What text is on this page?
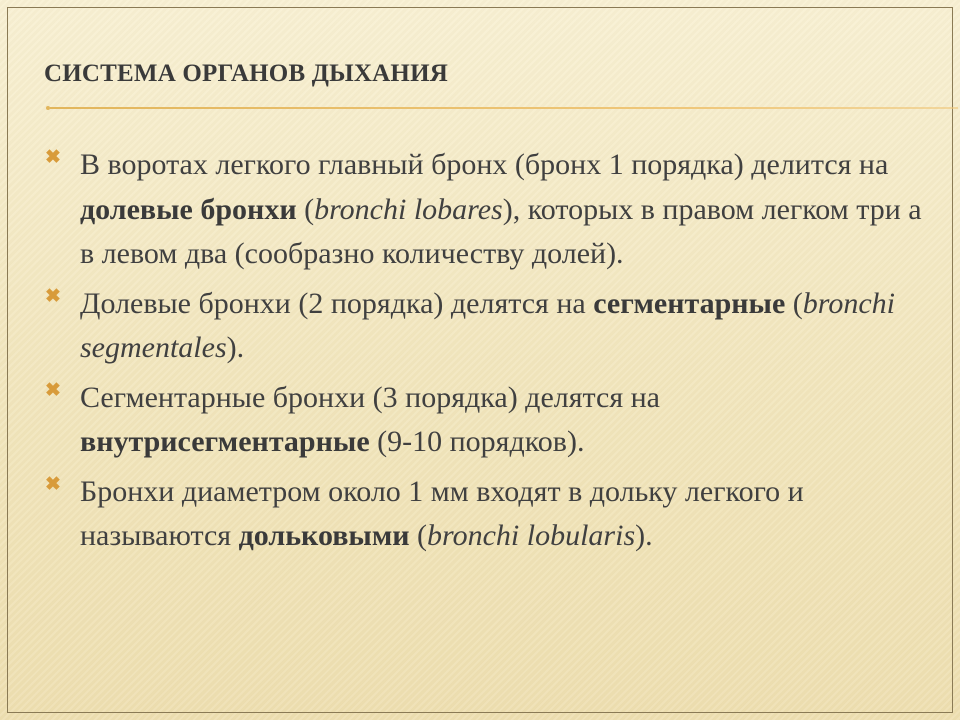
СИСТЕМА ОРГАНОВ ДЫХАНИЯ
✖ В воротах легкого главный бронх (бронх 1 порядка) делится на долевые бронхи (bronchi lobares), которых в правом легком три а в левом два (сообразно количеству долей).
✖ Долевые бронхи (2 порядка) делятся на сегментарные (bronchi segmentales).
✖ Сегментарные бронхи (3 порядка) делятся на внутрисегментарные (9-10 порядков).
✖ Бронхи диаметром около 1 мм входят в дольку легкого и называются дольковыми (bronchi lobularis).
